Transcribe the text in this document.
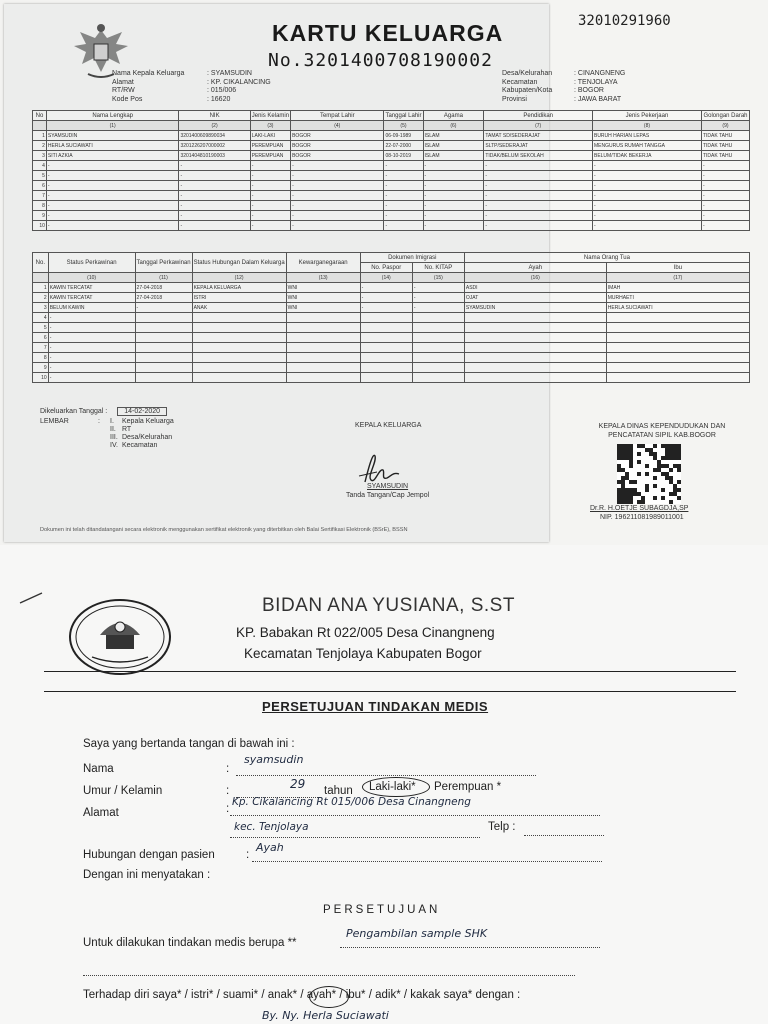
KARTU KELUARGA
No.3201400708190002
32010291960
Nama Kepala Keluarga	: SYAMSUDIN
Alamat	: KP. CIKALANCING
RT/RW	: 015/006
Kode Pos	: 16620
Desa/Kelurahan	: CINANGNENG
Kecamatan	: TENJOLAYA
Kabupaten/Kota	: BOGOR
Provinsi	: JAWA BARAT
No	Nama Lengkap	NIK	Jenis Kelamin	Tempat Lahir	Tanggal Lahir	Agama	Pendidikan	Jenis Pekerjaan	Golongan Darah
	(1)	(2)	(3)	(4)	(5)	(6)	(7)	(8)	(9)
1	SYAMSUDIN	3201400609890034	LAKI-LAKI	BOGOR	06-09-1989	ISLAM	TAMAT SD/SEDERAJAT	BURUH HARIAN LEPAS	TIDAK TAHU
2	HERLA SUCIAWATI	3201226207000002	PEREMPUAN	BOGOR	22-07-2000	ISLAM	SLTP/SEDERAJAT	MENGURUS RUMAH TANGGA	TIDAK TAHU
3	SITI AZKIA	3201404810190003	PEREMPUAN	BOGOR	08-10-2019	ISLAM	TIDAK/BELUM SEKOLAH	BELUM/TIDAK BEKERJA	TIDAK TAHU
4	-	-	-	-	-	-	-	-	-
5	-	-	-	-	-	-	-	-	-
6	-	-	-	-	-	-	-	-	-
7	-	-	-	-	-	-	-	-	-
8	-	-	-	-	-	-	-	-	-
9	-	-	-	-	-	-	-	-	-
10	-	-	-	-	-	-	-	-	-
No.	Status Perkawinan	Tanggal Perkawinan	Status Hubungan Dalam Keluarga	Kewarganegaraan	Dokumen Imigrasi		Nama Orang Tua	
					No. Paspor	No. KITAP	Ayah	Ibu
	(10)	(11)	(12)	(13)	(14)	(15)	(16)	(17)
1	KAWIN TERCATAT	27-04-2018	KEPALA KELUARGA	WNI	-	-	ASDI	IMAH
2	KAWIN TERCATAT	27-04-2018	ISTRI	WNI	-	-	OJAT	MURHAETI
3	BELUM KAWIN	-	ANAK	WNI	-	-	SYAMSUDIN	HERLA SUCIAWATI
4	-							
5	-							
6	-							
7	-							
8	-							
9	-							
10	-							
Dikeluarkan Tanggal : 14-02-2020
LEMBAR	: I.	Kepala Keluarga
II. RT
III. Desa/Kelurahan
IV. Kecamatan
KEPALA KELUARGA
SYAMSUDIN
Tanda Tangan/Cap Jempol
KEPALA DINAS KEPENDUDUKAN DAN
PENCATATAN SIPIL KAB.BOGOR
Dr.R. H.OETJE SUBAGDJA,SP
NIP. 196211081989011001
Dokumen ini telah ditandatangani secara elektronik menggunakan sertifikat elektronik yang diterbitkan oleh Balai Sertifikasi Elektronik (BSrE), BSSN
BIDAN ANA YUSIANA, S.ST
KP. Babakan Rt 022/005 Desa Cinangneng
Kecamatan Tenjolaya Kabupaten Bogor
PERSETUJUAN TINDAKAN MEDIS
Saya yang bertanda tangan di bawah ini :
Nama	:
syamsudin
Umur / Kelamin	:	29 tahun Laki-laki* Perempuan *
Alamat	:
Kp. Cikalancing Rt 015/006 Desa Cinangneng
kec. Tenjolaya	Telp :
Hubungan dengan pasien	:
Ayah
Dengan ini menyatakan :
PERSETUJUAN
Untuk dilakukan tindakan medis berupa **
Pengambilan sample SHK
Terhadap diri saya* / istri* / suami* / anak* / ayah* / ibu* / adik* / kakak saya* dengan :
By. Ny. Herla Suciawati
